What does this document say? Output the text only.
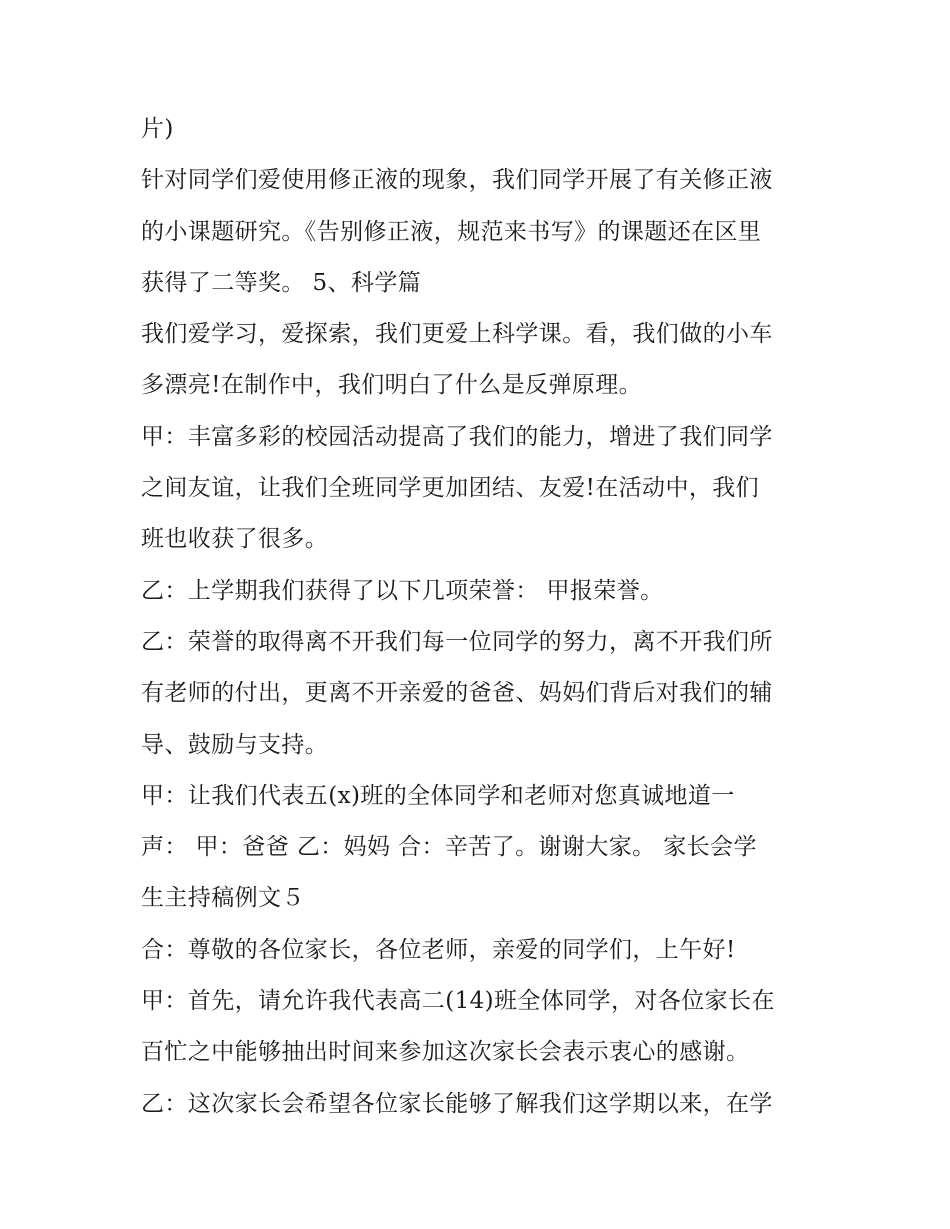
片)
针对同学们爱使用修正液的现象，我们同学开展了有关修正液
的小课题研究。《告别修正液，规范来书写》的课题还在区里
获得了二等奖。 5、科学篇
我们爱学习，爱探索，我们更爱上科学课。看，我们做的小车
多漂亮!在制作中，我们明白了什么是反弹原理。
甲：丰富多彩的校园活动提高了我们的能力，增进了我们同学
之间友谊，让我们全班同学更加团结、友爱!在活动中，我们
班也收获了很多。
乙：上学期我们获得了以下几项荣誉： 甲报荣誉。
乙：荣誉的取得离不开我们每一位同学的努力，离不开我们所
有老师的付出，更离不开亲爱的爸爸、妈妈们背后对我们的辅
导、鼓励与支持。
甲：让我们代表五(x)班的全体同学和老师对您真诚地道一
声： 甲：爸爸 乙：妈妈 合：辛苦了。谢谢大家。 家长会学
生主持稿例文５
合：尊敬的各位家长，各位老师，亲爱的同学们，上午好!
甲：首先，请允许我代表高二(14)班全体同学，对各位家长在
百忙之中能够抽出时间来参加这次家长会表示衷心的感谢。
乙：这次家长会希望各位家长能够了解我们这学期以来，在学
